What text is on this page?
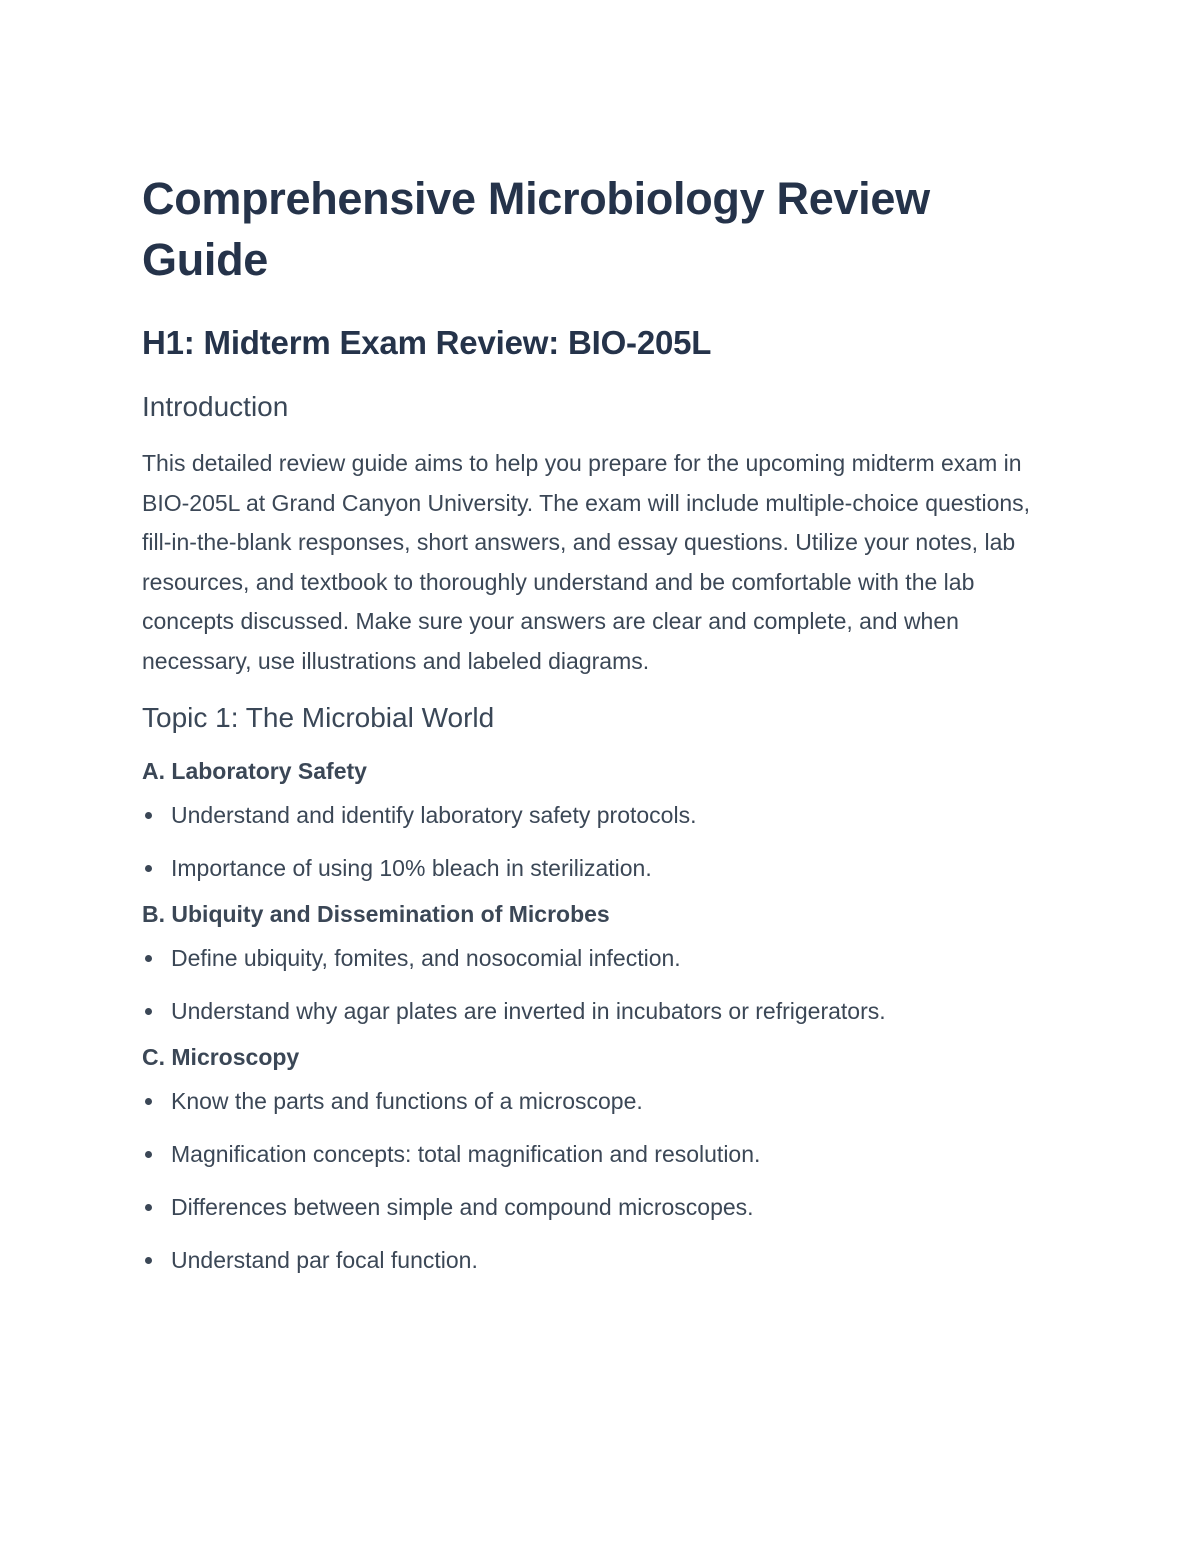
Comprehensive Microbiology Review Guide
H1: Midterm Exam Review: BIO-205L
Introduction

This detailed review guide aims to help you prepare for the upcoming midterm exam in BIO-205L at Grand Canyon University. The exam will include multiple-choice questions, fill-in-the-blank responses, short answers, and essay questions. Utilize your notes, lab resources, and textbook to thoroughly understand and be comfortable with the lab concepts discussed. Make sure your answers are clear and complete, and when necessary, use illustrations and labeled diagrams.

Topic 1: The Microbial World
A. Laboratory Safety
Understand and identify laboratory safety protocols.
Importance of using 10% bleach in sterilization.
B. Ubiquity and Dissemination of Microbes
Define ubiquity, fomites, and nosocomial infection.
Understand why agar plates are inverted in incubators or refrigerators.
C. Microscopy
Know the parts and functions of a microscope.
Magnification concepts: total magnification and resolution.
Differences between simple and compound microscopes.
Understand par focal function.
